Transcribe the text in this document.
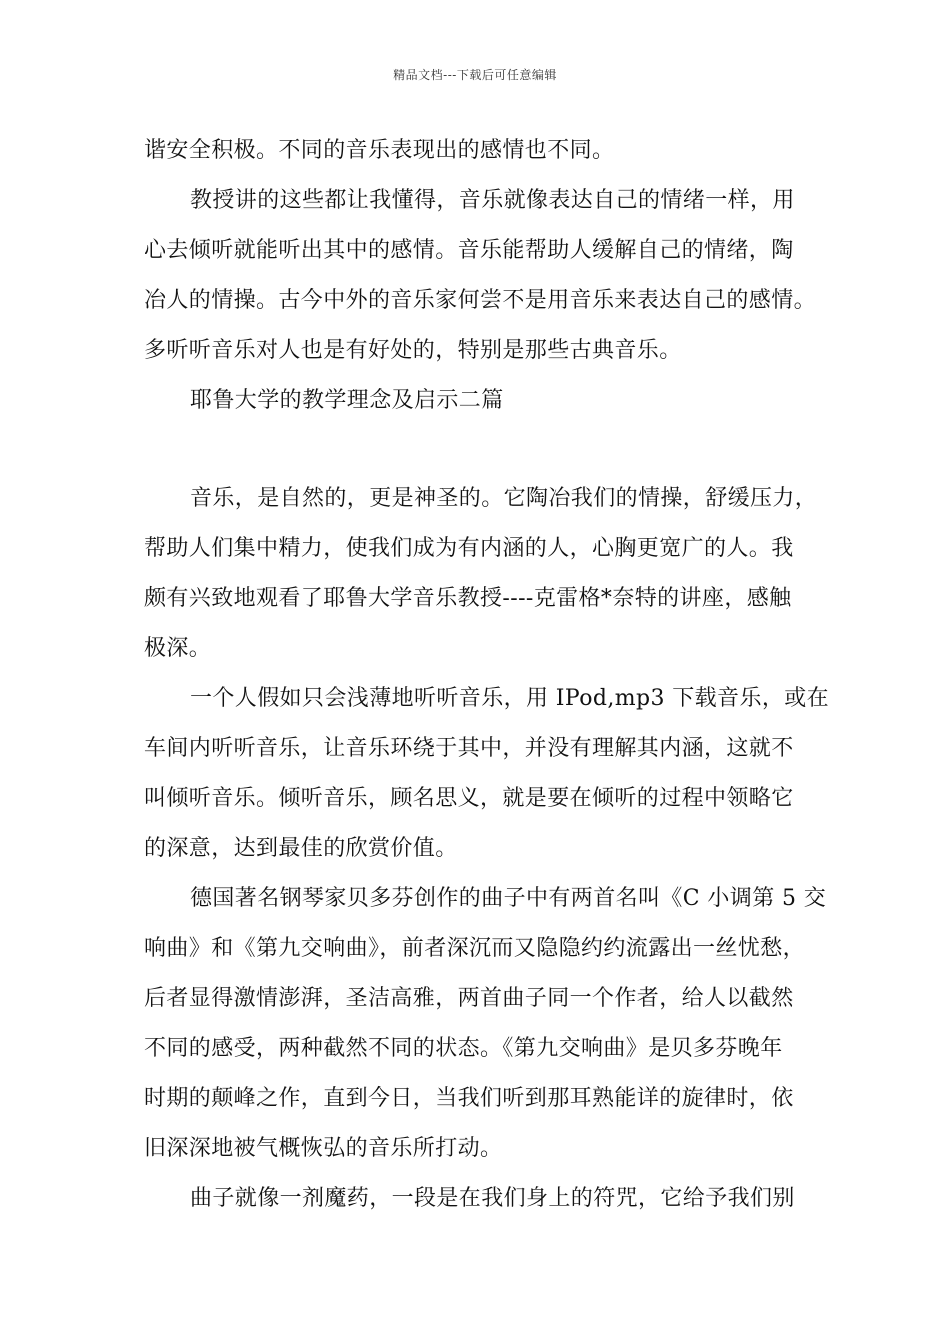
精品文档---下载后可任意编辑
谐安全积极。不同的音乐表现出的感情也不同。
教授讲的这些都让我懂得，音乐就像表达自己的情绪一样，用
心去倾听就能听出其中的感情。音乐能帮助人缓解自己的情绪，陶
冶人的情操。古今中外的音乐家何尝不是用音乐来表达自己的感情。
多听听音乐对人也是有好处的，特别是那些古典音乐。
耶鲁大学的教学理念及启示二篇
音乐，是自然的，更是神圣的。它陶冶我们的情操，舒缓压力，
帮助人们集中精力，使我们成为有内涵的人，心胸更宽广的人。我
颇有兴致地观看了耶鲁大学音乐教授----克雷格*奈特的讲座，感触
极深。
一个人假如只会浅薄地听听音乐，用 IPod,mp3 下载音乐，或在
车间内听听音乐，让音乐环绕于其中，并没有理解其内涵，这就不
叫倾听音乐。倾听音乐，顾名思义，就是要在倾听的过程中领略它
的深意，达到最佳的欣赏价值。
德国著名钢琴家贝多芬创作的曲子中有两首名叫《C 小调第 5 交
响曲》和《第九交响曲》，前者深沉而又隐隐约约流露出一丝忧愁，
后者显得激情澎湃，圣洁高雅，两首曲子同一个作者，给人以截然
不同的感受，两种截然不同的状态。《第九交响曲》是贝多芬晚年
时期的颠峰之作，直到今日，当我们听到那耳熟能详的旋律时，依
旧深深地被气概恢弘的音乐所打动。
曲子就像一剂魔药，一段是在我们身上的符咒，它给予我们别
